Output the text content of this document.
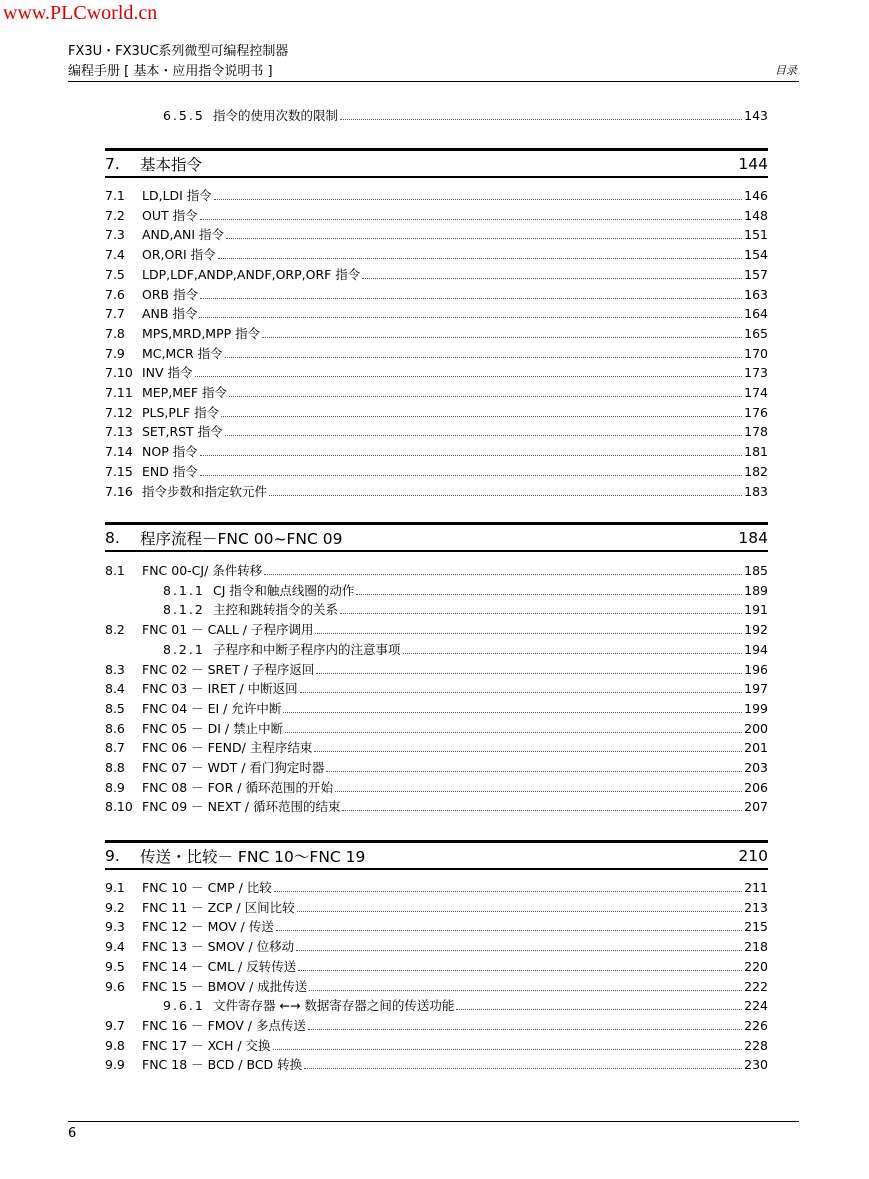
www.PLCworld.cn
FX3U・FX3UC系列微型可编程控制器
编程手册 [ 基本・应用指令说明书 ]	目录
6.5.5 指令的使用次数的限制	143
7.	基本指令	144
7.1	LD,LDI 指令	146
7.2	OUT 指令	148
7.3	AND,ANI 指令	151
7.4	OR,ORI 指令	154
7.5	LDP,LDF,ANDP,ANDF,ORP,ORF 指令	157
7.6	ORB 指令	163
7.7	ANB 指令	164
7.8	MPS,MRD,MPP 指令	165
7.9	MC,MCR 指令	170
7.10 INV 指令	173
7.11 MEP,MEF 指令	174
7.12 PLS,PLF 指令	176
7.13 SET,RST 指令	178
7.14 NOP 指令	181
7.15 END 指令	182
7.16 指令步数和指定软元件	183
8.	程序流程－FNC 00~FNC 09	184
8.1	FNC 00-CJ/ 条件转移	185
8.1.1 CJ 指令和触点线圈的动作	189
8.1.2 主控和跳转指令的关系	191
8.2	FNC 01 － CALL / 子程序调用	192
8.2.1 子程序和中断子程序内的注意事项	194
8.3	FNC 02 － SRET / 子程序返回	196
8.4	FNC 03 － IRET / 中断返回	197
8.5	FNC 04 － EI / 允许中断	199
8.6	FNC 05 － DI / 禁止中断	200
8.7	FNC 06 － FEND/ 主程序结束	201
8.8	FNC 07 － WDT / 看门狗定时器	203
8.9	FNC 08 － FOR / 循环范围的开始	206
8.10 FNC 09 － NEXT / 循环范围的结束	207
9.	传送・比较－ FNC 10～FNC 19	210
9.1	FNC 10 － CMP / 比较	211
9.2	FNC 11 － ZCP / 区间比较	213
9.3	FNC 12 － MOV / 传送	215
9.4	FNC 13 － SMOV / 位移动	218
9.5	FNC 14 － CML / 反转传送	220
9.6	FNC 15 － BMOV / 成批传送	222
9.6.1 文件寄存器 ←→ 数据寄存器之间的传送功能	224
9.7	FNC 16 － FMOV / 多点传送	226
9.8	FNC 17 － XCH / 交换	228
9.9	FNC 18 － BCD / BCD 转换	230
6
